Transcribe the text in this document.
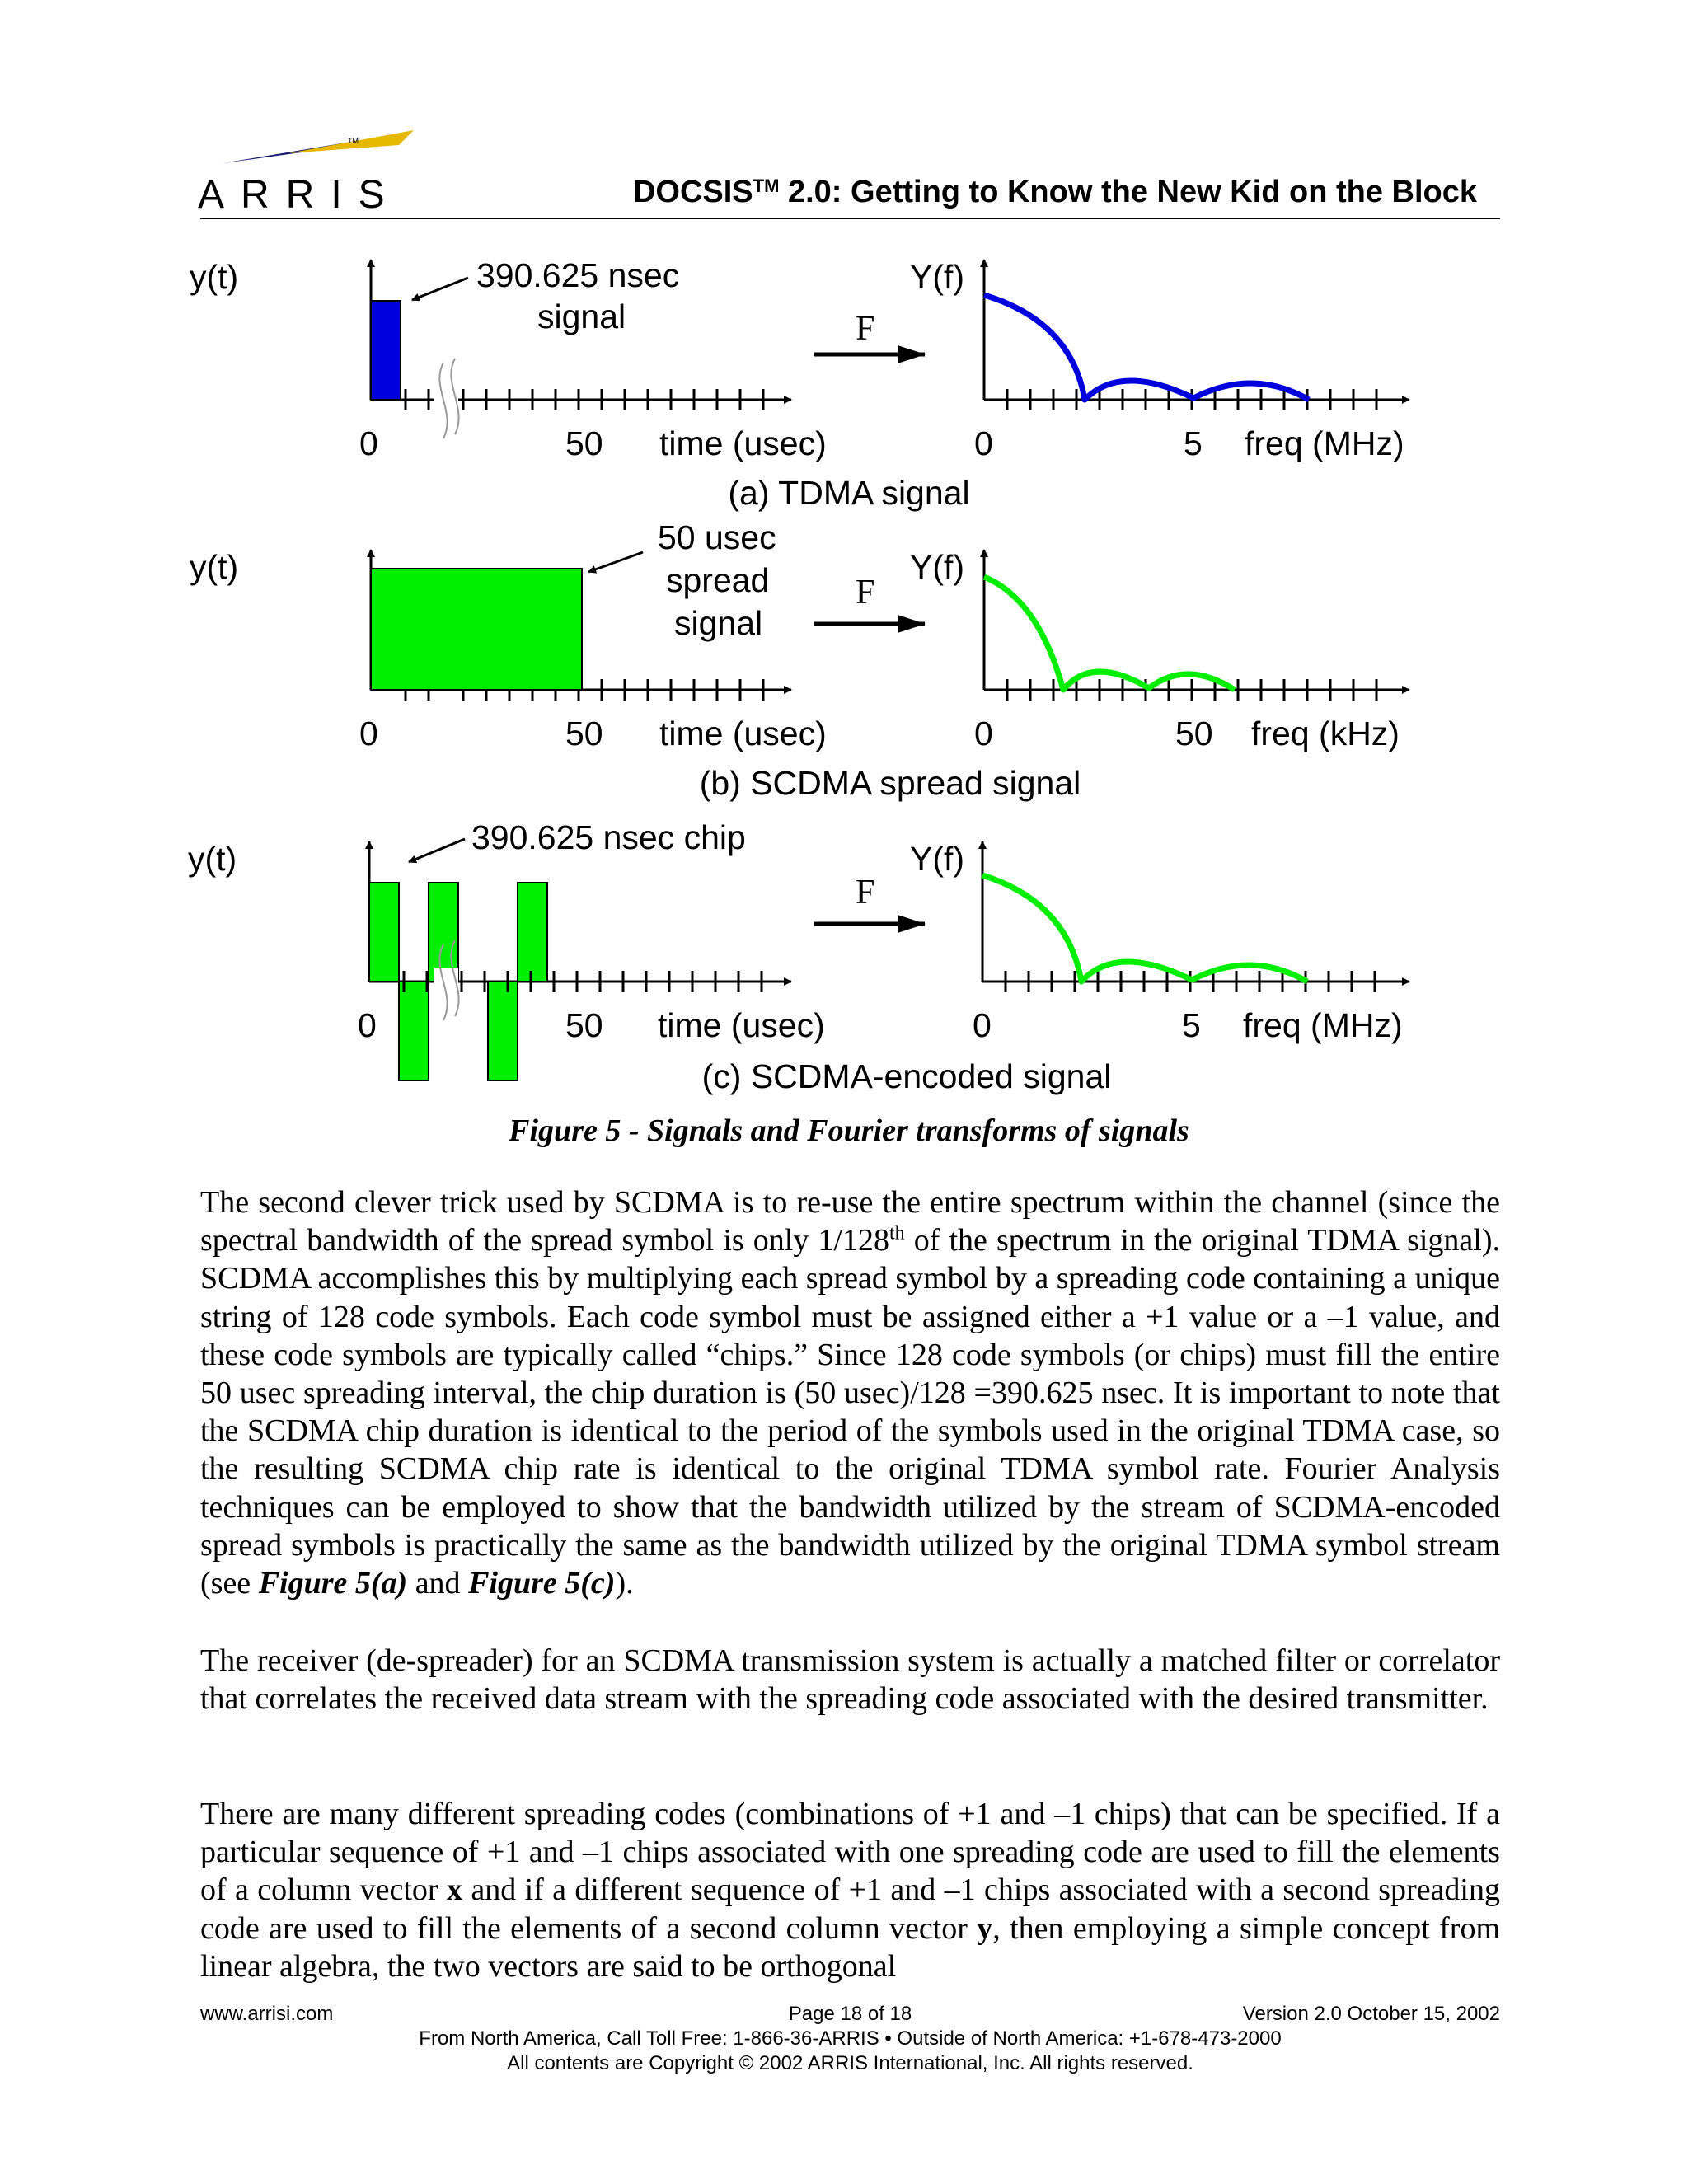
TM
ARRIS	DOCSIS™ 2.0: Getting to Know the New Kid on the Block
y(t)	390.625 nsec
signal
0	50 time (usec)
F
Y(f)
0	5 freq (MHz)
(a) TDMA signal
y(t)
50 usec
spread
signal
0	50 time (usec)
F
Y(f)
0	50 freq (kHz)
(b) SCDMA spread signal
y(t)
390.625 nsec chip
0	50 time (usec)
F
Y(f)
0	5 freq (MHz)
(c) SCDMA-encoded signal
Figure 5 - Signals and Fourier transforms of signals

The second clever trick used by SCDMA is to re-use the entire spectrum within the channel (since the spectral bandwidth of the spread symbol is only 1/128th of the spectrum in the original TDMA signal). SCDMA accomplishes this by multiplying each spread symbol by a spreading code containing a unique string of 128 code symbols. Each code symbol must be assigned either a +1 value or a –1 value, and these code symbols are typically called “chips.” Since 128 code symbols (or chips) must fill the entire 50 usec spreading interval, the chip duration is (50 usec)/128 =390.625 nsec. It is important to note that the SCDMA chip duration is identical to the period of the symbols used in the original TDMA case, so the resulting SCDMA chip rate is identical to the original TDMA symbol rate. Fourier Analysis techniques can be employed to show that the bandwidth utilized by the stream of SCDMA-encoded spread symbols is practically the same as the bandwidth utilized by the original TDMA symbol stream (see Figure 5(a) and Figure 5(c)).

The receiver (de-spreader) for an SCDMA transmission system is actually a matched filter or correlator that correlates the received data stream with the spreading code associated with the desired transmitter.

There are many different spreading codes (combinations of +1 and –1 chips) that can be specified. If a particular sequence of +1 and –1 chips associated with one spreading code are used to fill the elements of a column vector x and if a different sequence of +1 and –1 chips associated with a second spreading code are used to fill the elements of a second column vector y, then employing a simple concept from linear algebra, the two vectors are said to be orthogonal

www.arrisi.com	Page 18 of 18	Version 2.0 October 15, 2002
From North America, Call Toll Free: 1-866-36-ARRIS • Outside of North America: +1-678-473-2000
All contents are Copyright © 2002 ARRIS International, Inc. All rights reserved.
